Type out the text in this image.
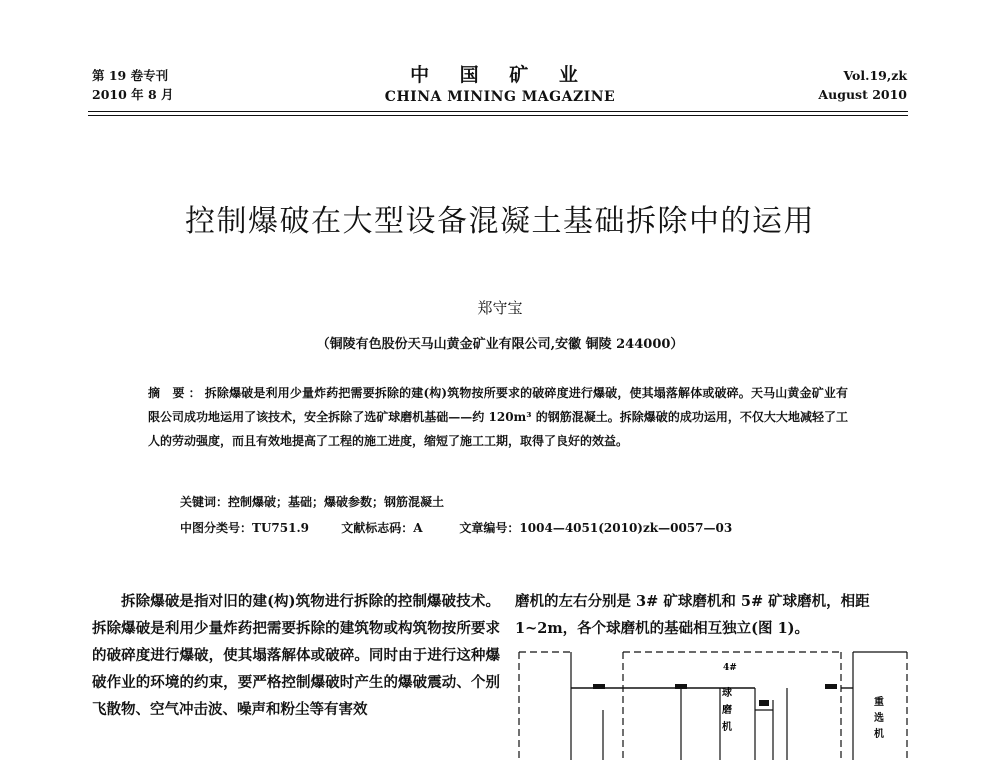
第 19 卷专刊
2010 年 8 月
中 国 矿 业
CHINA MINING MAGAZINE
Vol.19,zk
August 2010
控制爆破在大型设备混凝土基础拆除中的运用
郑守宝
（铜陵有色股份天马山黄金矿业有限公司,安徽 铜陵 244000）
摘 要：拆除爆破是利用少量炸药把需要拆除的建(构)筑物按所要求的破碎度进行爆破，使其塌落解体或破碎。天马山黄金矿业有限公司成功地运用了该技术，安全拆除了选矿球磨机基础——约 120m³ 的钢筋混凝土。拆除爆破的成功运用，不仅大大地减轻了工人的劳动强度，而且有效地提高了工程的施工进度，缩短了施工工期，取得了良好的效益。
关键词：控制爆破；基础；爆破参数；钢筋混凝土
中图分类号：TU751.9	文献标志码：A	文章编号：1004—4051(2010)zk—0057—03

拆除爆破是指对旧的建(构)筑物进行拆除的控制爆破技术。拆除爆破是利用少量炸药把需要拆除的建筑物或构筑物按所要求的破碎度进行爆破，使其塌落解体或破碎。同时由于进行这种爆破作业的环境的约束，要严格控制爆破时产生的爆破震动、个别飞散物、空气冲击波、噪声和粉尘等有害效

磨机的左右分别是 3# 矿球磨机和 5# 矿球磨机，相距 1~2m，各个球磨机的基础相互独立(图 1)。

4#
球
磨
机
重
选
机
